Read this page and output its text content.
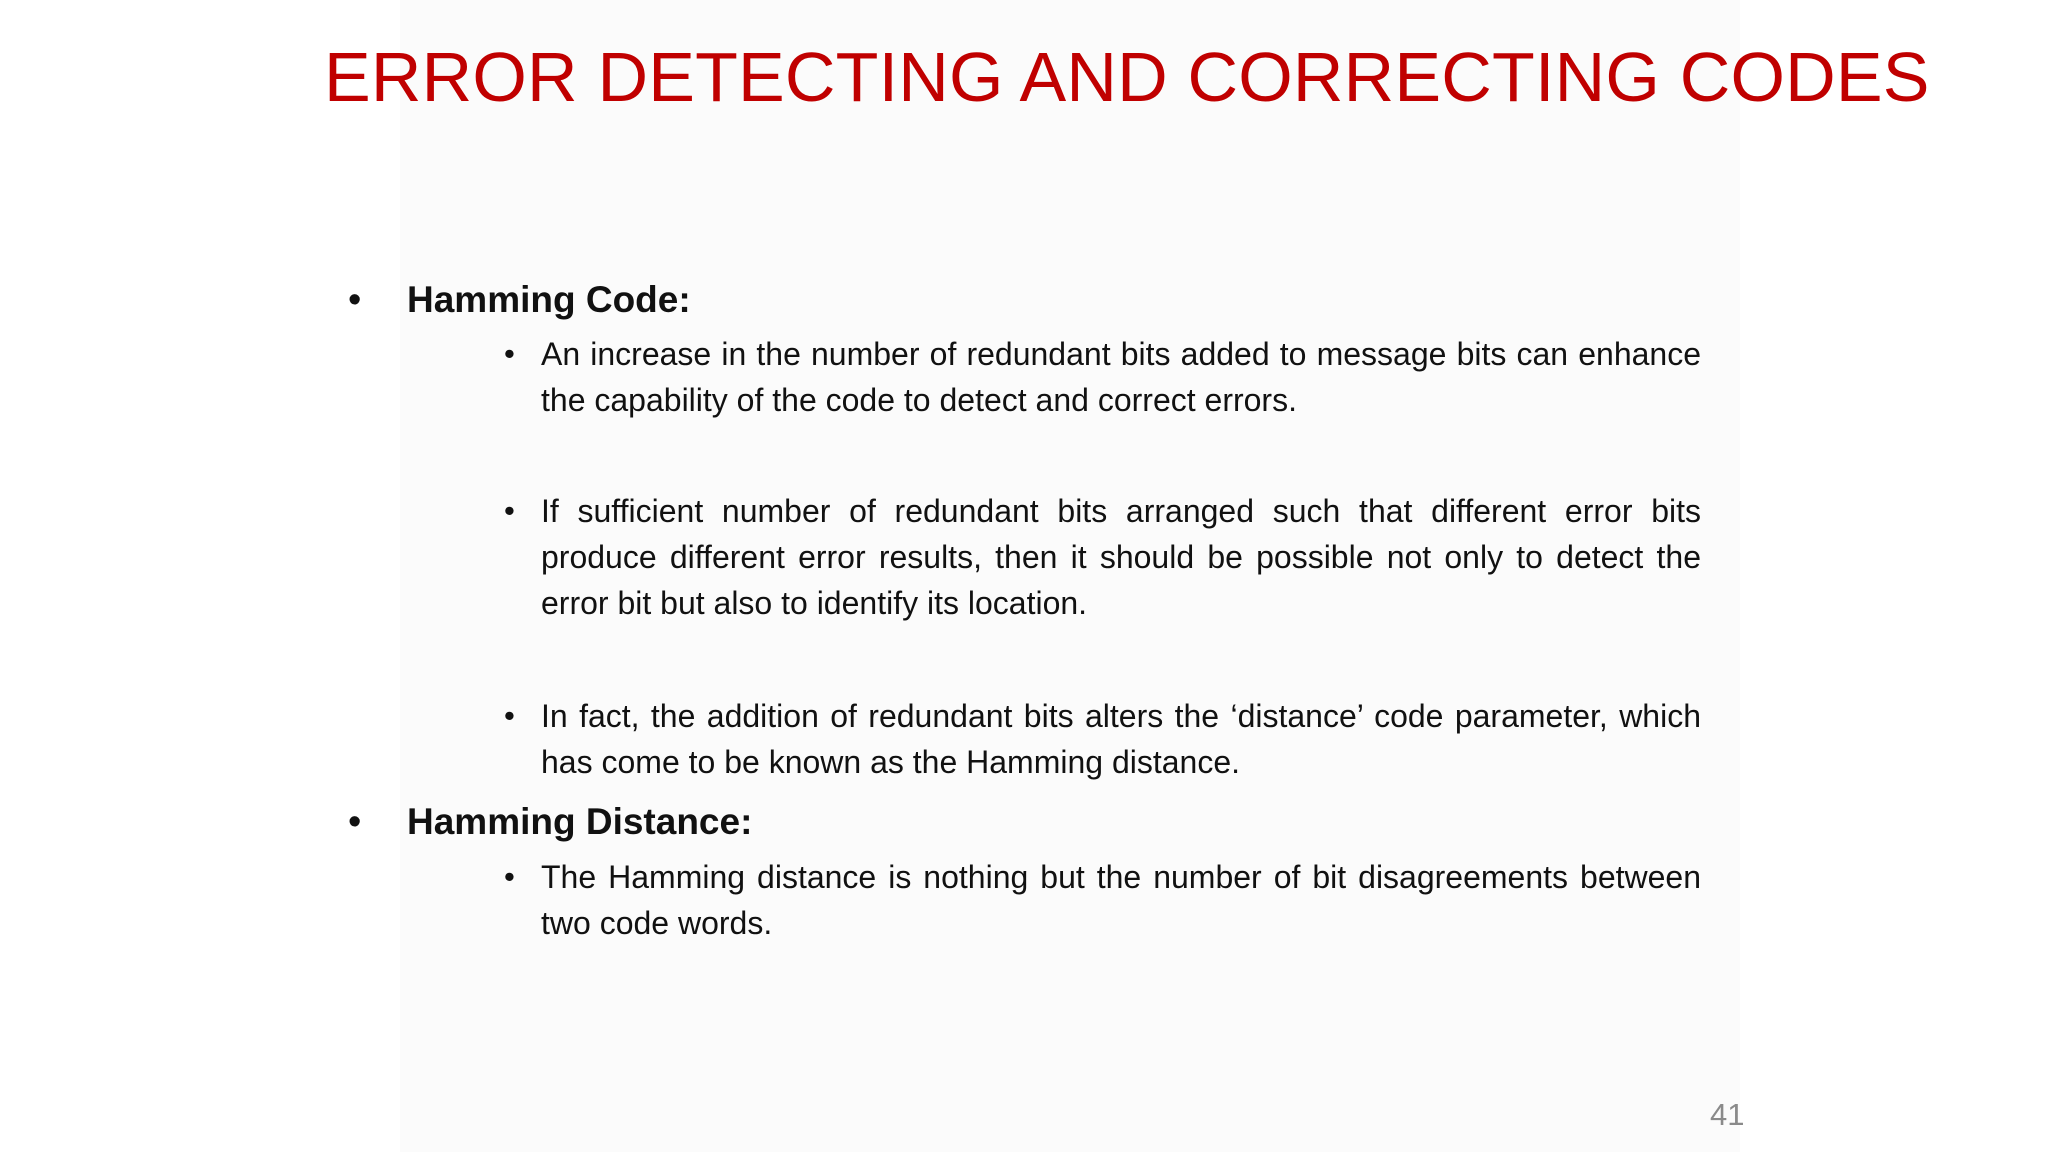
ERROR DETECTING AND CORRECTING CODES
• Hamming Code:
• An increase in the number of redundant bits added to message bits can enhance the capability of the code to detect and correct errors.

• If sufficient number of redundant bits arranged such that different error bits produce different error results, then it should be possible not only to detect the error bit but also to identify its location.

• In fact, the addition of redundant bits alters the ‘distance’ code parameter, which has come to be known as the Hamming distance.

• Hamming Distance:
• The Hamming distance is nothing but the number of bit disagreements between two code words.

41
